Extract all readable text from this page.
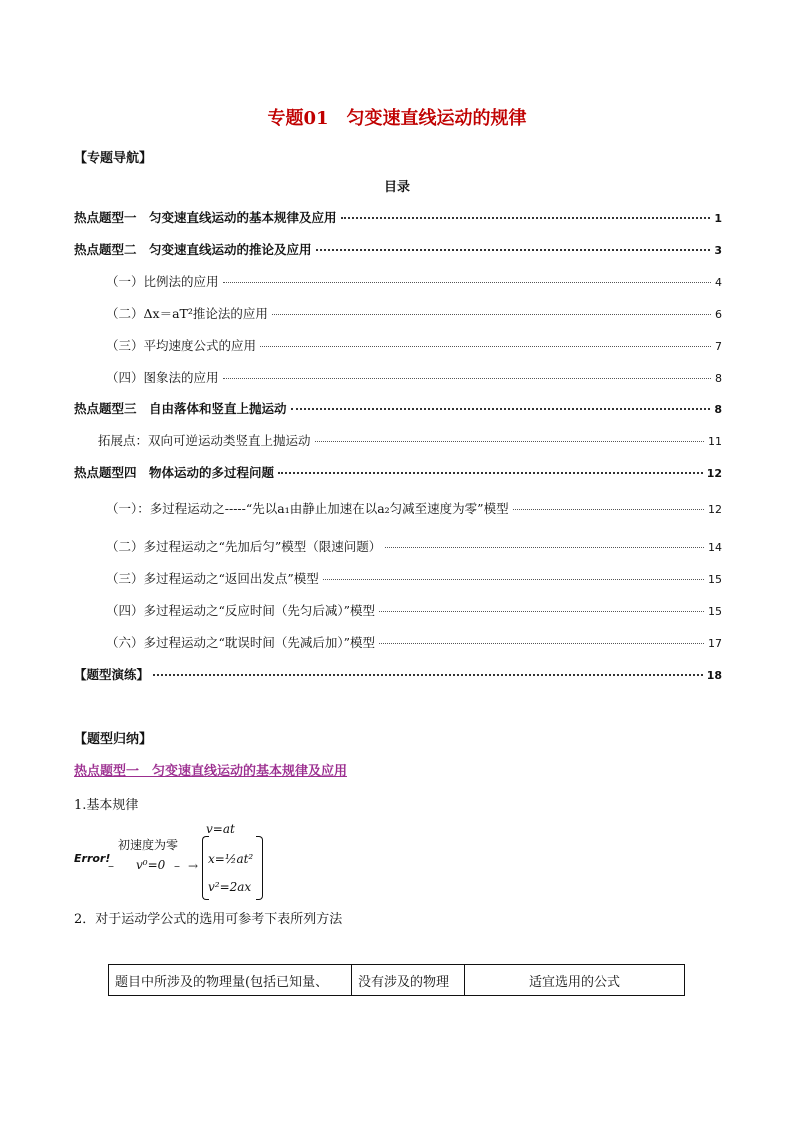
专题01　匀变速直线运动的规律
【专题导航】
目录
热点题型一　匀变速直线运动的基本规律及应用	1
热点题型二　匀变速直线运动的推论及应用	3
（一）比例法的应用	4
（二）Δx＝aT²推论法的应用	6
（三）平均速度公式的应用	7
（四）图象法的应用	8
热点题型三　自由落体和竖直上抛运动	8
拓展点：双向可逆运动类竖直上抛运动	11
热点题型四　物体运动的多过程问题	12
（一）：多过程运动之-----“先以a₁由静止加速在以a₂匀减至速度为零”模型	12
（二）多过程运动之“先加后匀”模型（限速问题）	14
（三）多过程运动之“返回出发点”模型	15
（四）多过程运动之“反应时间（先匀后减）”模型	15
（六）多过程运动之“耽误时间（先减后加）”模型	17
【题型演练】	18
【题型归纳】
热点题型一　匀变速直线运动的基本规律及应用
1.基本规律
Error!
–
初速度为零
v⁰=0 – →
v=at
x=½at²
v²=2ax
2．对于运动学公式的选用可参考下表所列方法
题目中所涉及的物理量(包括已知量、	没有涉及的物理	适宜选用的公式
